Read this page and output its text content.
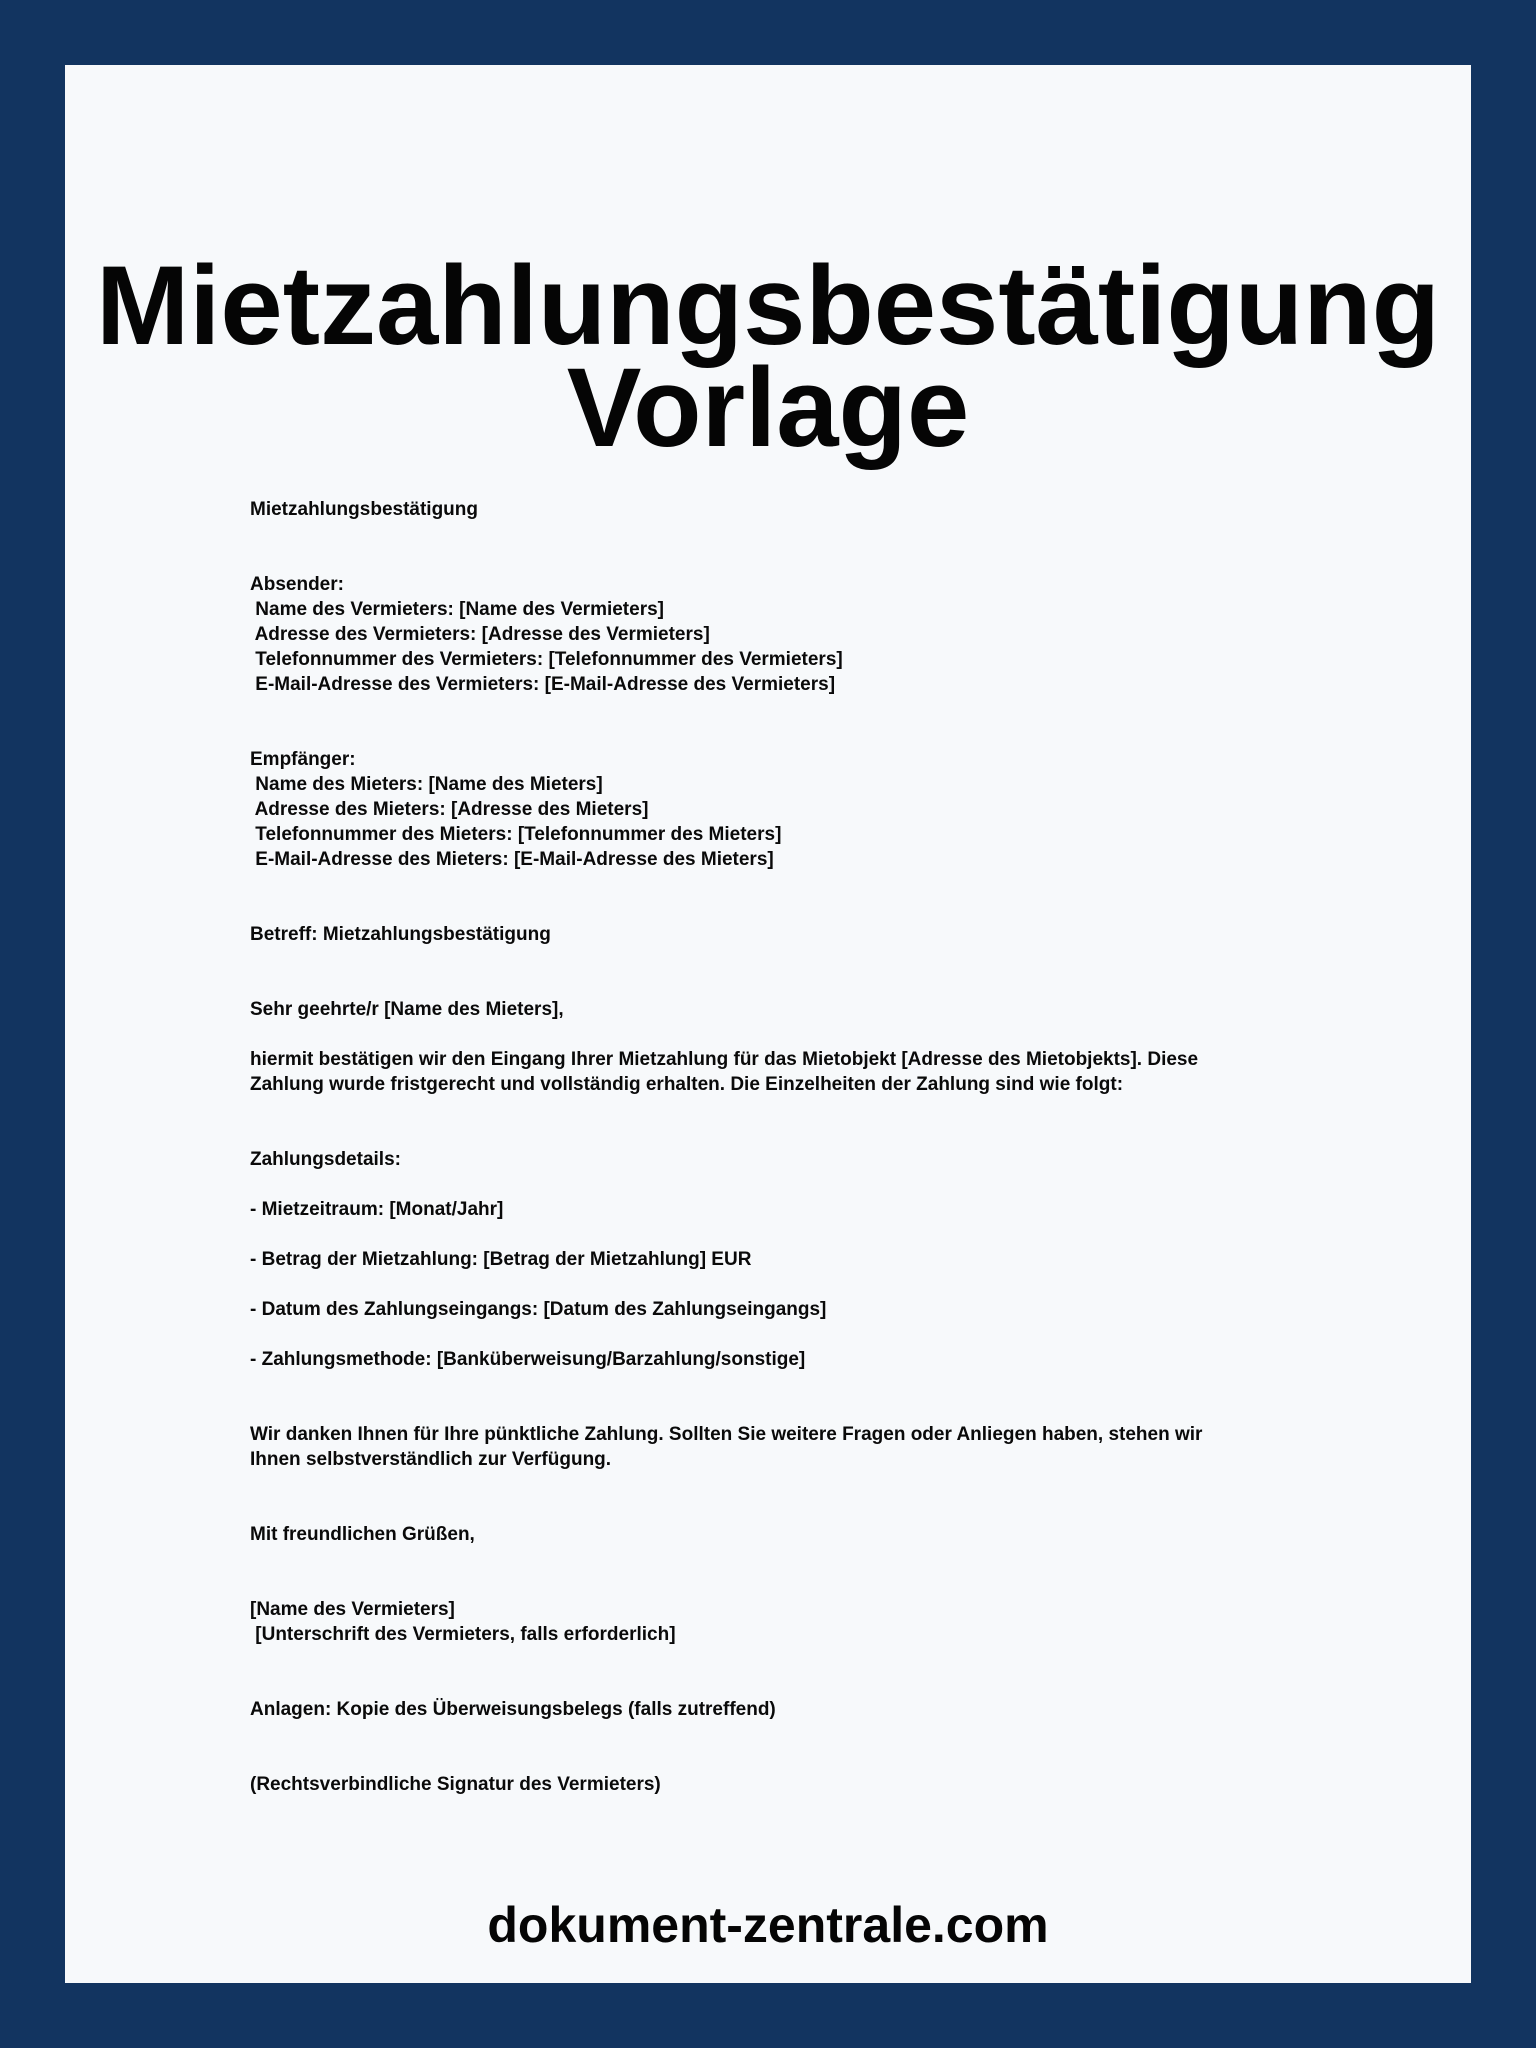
Mietzahlungsbestätigung
Vorlage
Mietzahlungsbestätigung
Absender:
Name des Vermieters: [Name des Vermieters]
Adresse des Vermieters: [Adresse des Vermieters]
Telefonnummer des Vermieters: [Telefonnummer des Vermieters]
E-Mail-Adresse des Vermieters: [E-Mail-Adresse des Vermieters]
Empfänger:
Name des Mieters: [Name des Mieters]
Adresse des Mieters: [Adresse des Mieters]
Telefonnummer des Mieters: [Telefonnummer des Mieters]
E-Mail-Adresse des Mieters: [E-Mail-Adresse des Mieters]
Betreff: Mietzahlungsbestätigung
Sehr geehrte/r [Name des Mieters],
hiermit bestätigen wir den Eingang Ihrer Mietzahlung für das Mietobjekt [Adresse des Mietobjekts]. Diese
Zahlung wurde fristgerecht und vollständig erhalten. Die Einzelheiten der Zahlung sind wie folgt:
Zahlungsdetails:
- Mietzeitraum: [Monat/Jahr]
- Betrag der Mietzahlung: [Betrag der Mietzahlung] EUR
- Datum des Zahlungseingangs: [Datum des Zahlungseingangs]
- Zahlungsmethode: [Banküberweisung/Barzahlung/sonstige]
Wir danken Ihnen für Ihre pünktliche Zahlung. Sollten Sie weitere Fragen oder Anliegen haben, stehen wir
Ihnen selbstverständlich zur Verfügung.
Mit freundlichen Grüßen,
[Name des Vermieters]
[Unterschrift des Vermieters, falls erforderlich]
Anlagen: Kopie des Überweisungsbelegs (falls zutreffend)
(Rechtsverbindliche Signatur des Vermieters)
dokument-zentrale.com
